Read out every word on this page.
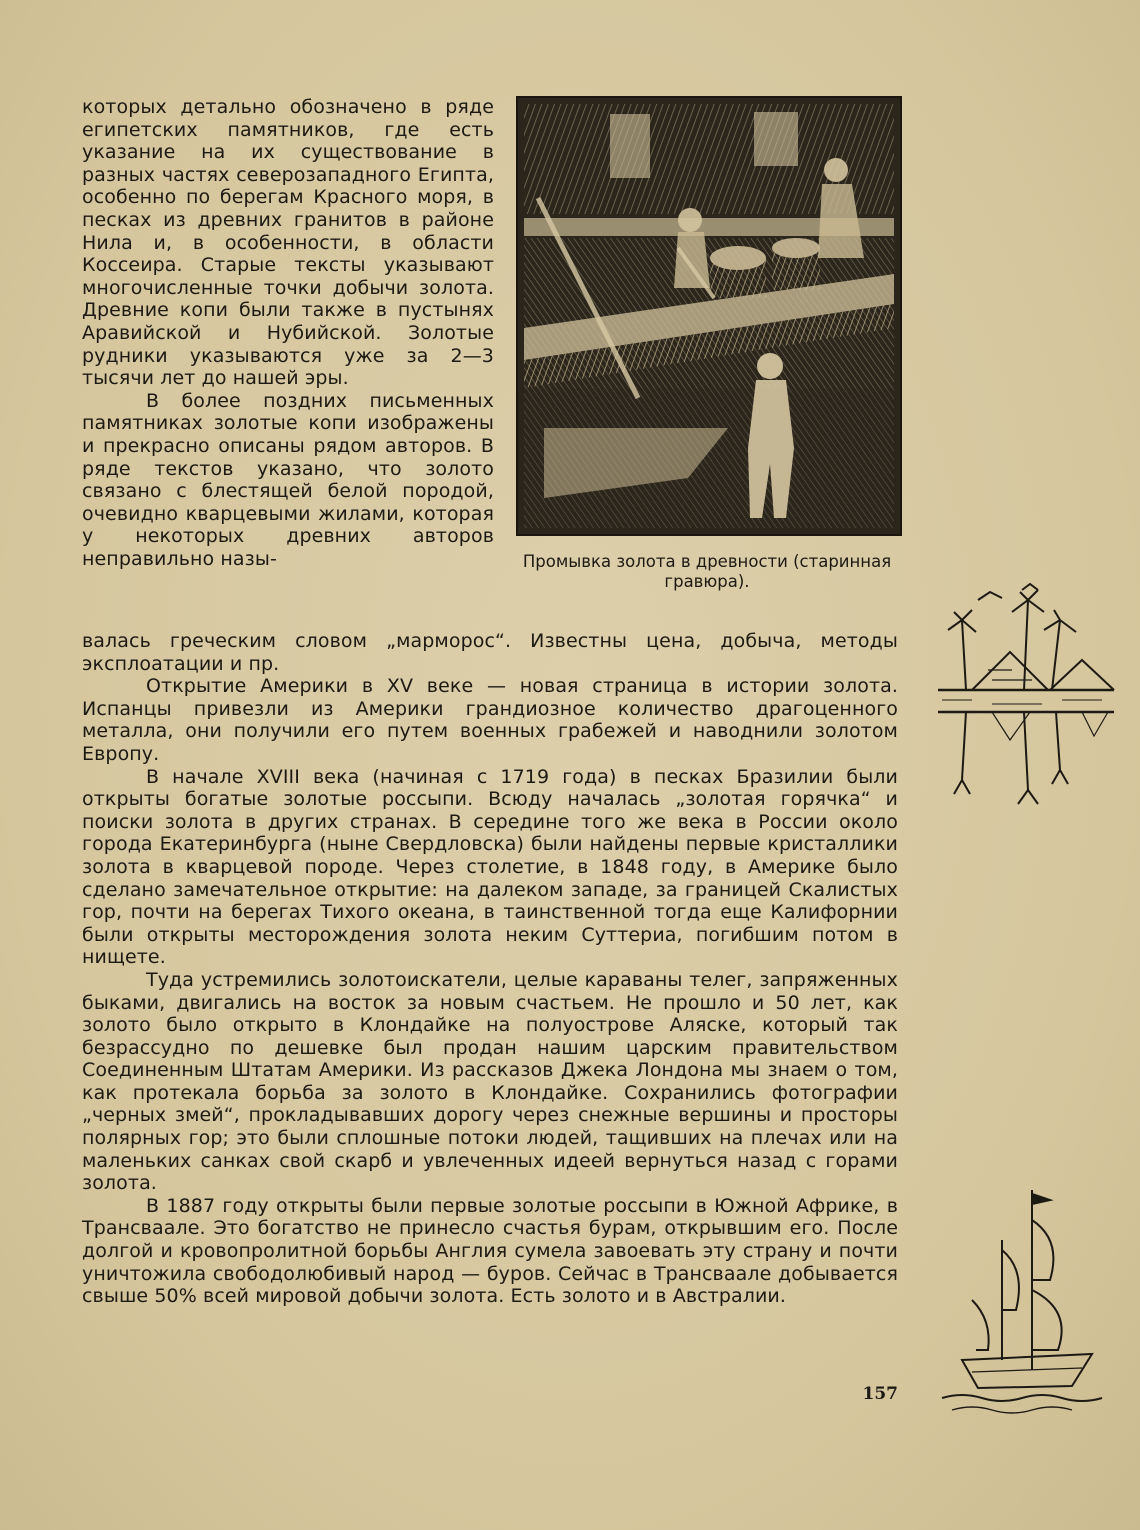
которых детально обозначено в ряде египетских памятников, где есть указание на их существование в разных частях северозападного Египта, особенно по берегам Красного моря, в песках из древних гранитов в районе Нила и, в особенности, в области Коссеира. Старые тексты указывают многочисленные точки добычи золота. Древние копи были также в пустынях Аравийской и Нубийской. Золотые рудники указываются уже за 2—3 тысячи лет до нашей эры.

В более поздних письменных памятниках золотые копи изображены и прекрасно описаны рядом авторов. В ряде текстов указано, что золото связано с блестящей белой породой, очевидно кварцевыми жилами, которая у некоторых древних авторов неправильно назы-	Промывка золота в древности (старинная гравюра).

валась греческим словом „марморос“. Известны цена, добыча, методы эксплоатации и пр.

Открытие Америки в XV веке — новая страница в истории золота. Испанцы привезли из Америки грандиозное количество драгоценного металла, они получили его путем военных грабежей и наводнили золотом Европу.

В начале XVIII века (начиная с 1719 года) в песках Бразилии были открыты богатые золотые россыпи. Всюду началась „золотая горячка“ и поиски золота в других странах. В середине того же века в России около города Екатеринбурга (ныне Свердловска) были найдены первые кристаллики золота в кварцевой породе. Через столетие, в 1848 году, в Америке было сделано замечательное открытие: на далеком западе, за границей Скалистых гор, почти на берегах Тихого океана, в таинственной тогда еще Калифорнии были открыты месторождения золота неким Суттериа, погибшим потом в нищете.

Туда устремились золотоискатели, целые караваны телег, запряженных быками, двигались на восток за новым счастьем. Не прошло и 50 лет, как золото было открыто в Клондайке на полуострове Аляске, который так безрассудно по дешевке был продан нашим царским правительством Соединенным Штатам Америки. Из рассказов Джека Лондона мы знаем о том, как протекала борьба за золото в Клондайке. Сохранились фотографии „черных змей“, прокладывавших дорогу через снежные вершины и просторы полярных гор; это были сплошные потоки людей, тащивших на плечах или на маленьких санках свой скарб и увлеченных идеей вернуться назад с горами золота.

В 1887 году открыты были первые золотые россыпи в Южной Африке, в Трансваале. Это богатство не принесло счастья бурам, открывшим его. После долгой и кровопролитной борьбы Англия сумела завоевать эту страну и почти уничтожила свободолюбивый народ — буров. Сейчас в Трансваале добывается свыше 50% всей мировой добычи золота. Есть золото и в Австралии.

157
